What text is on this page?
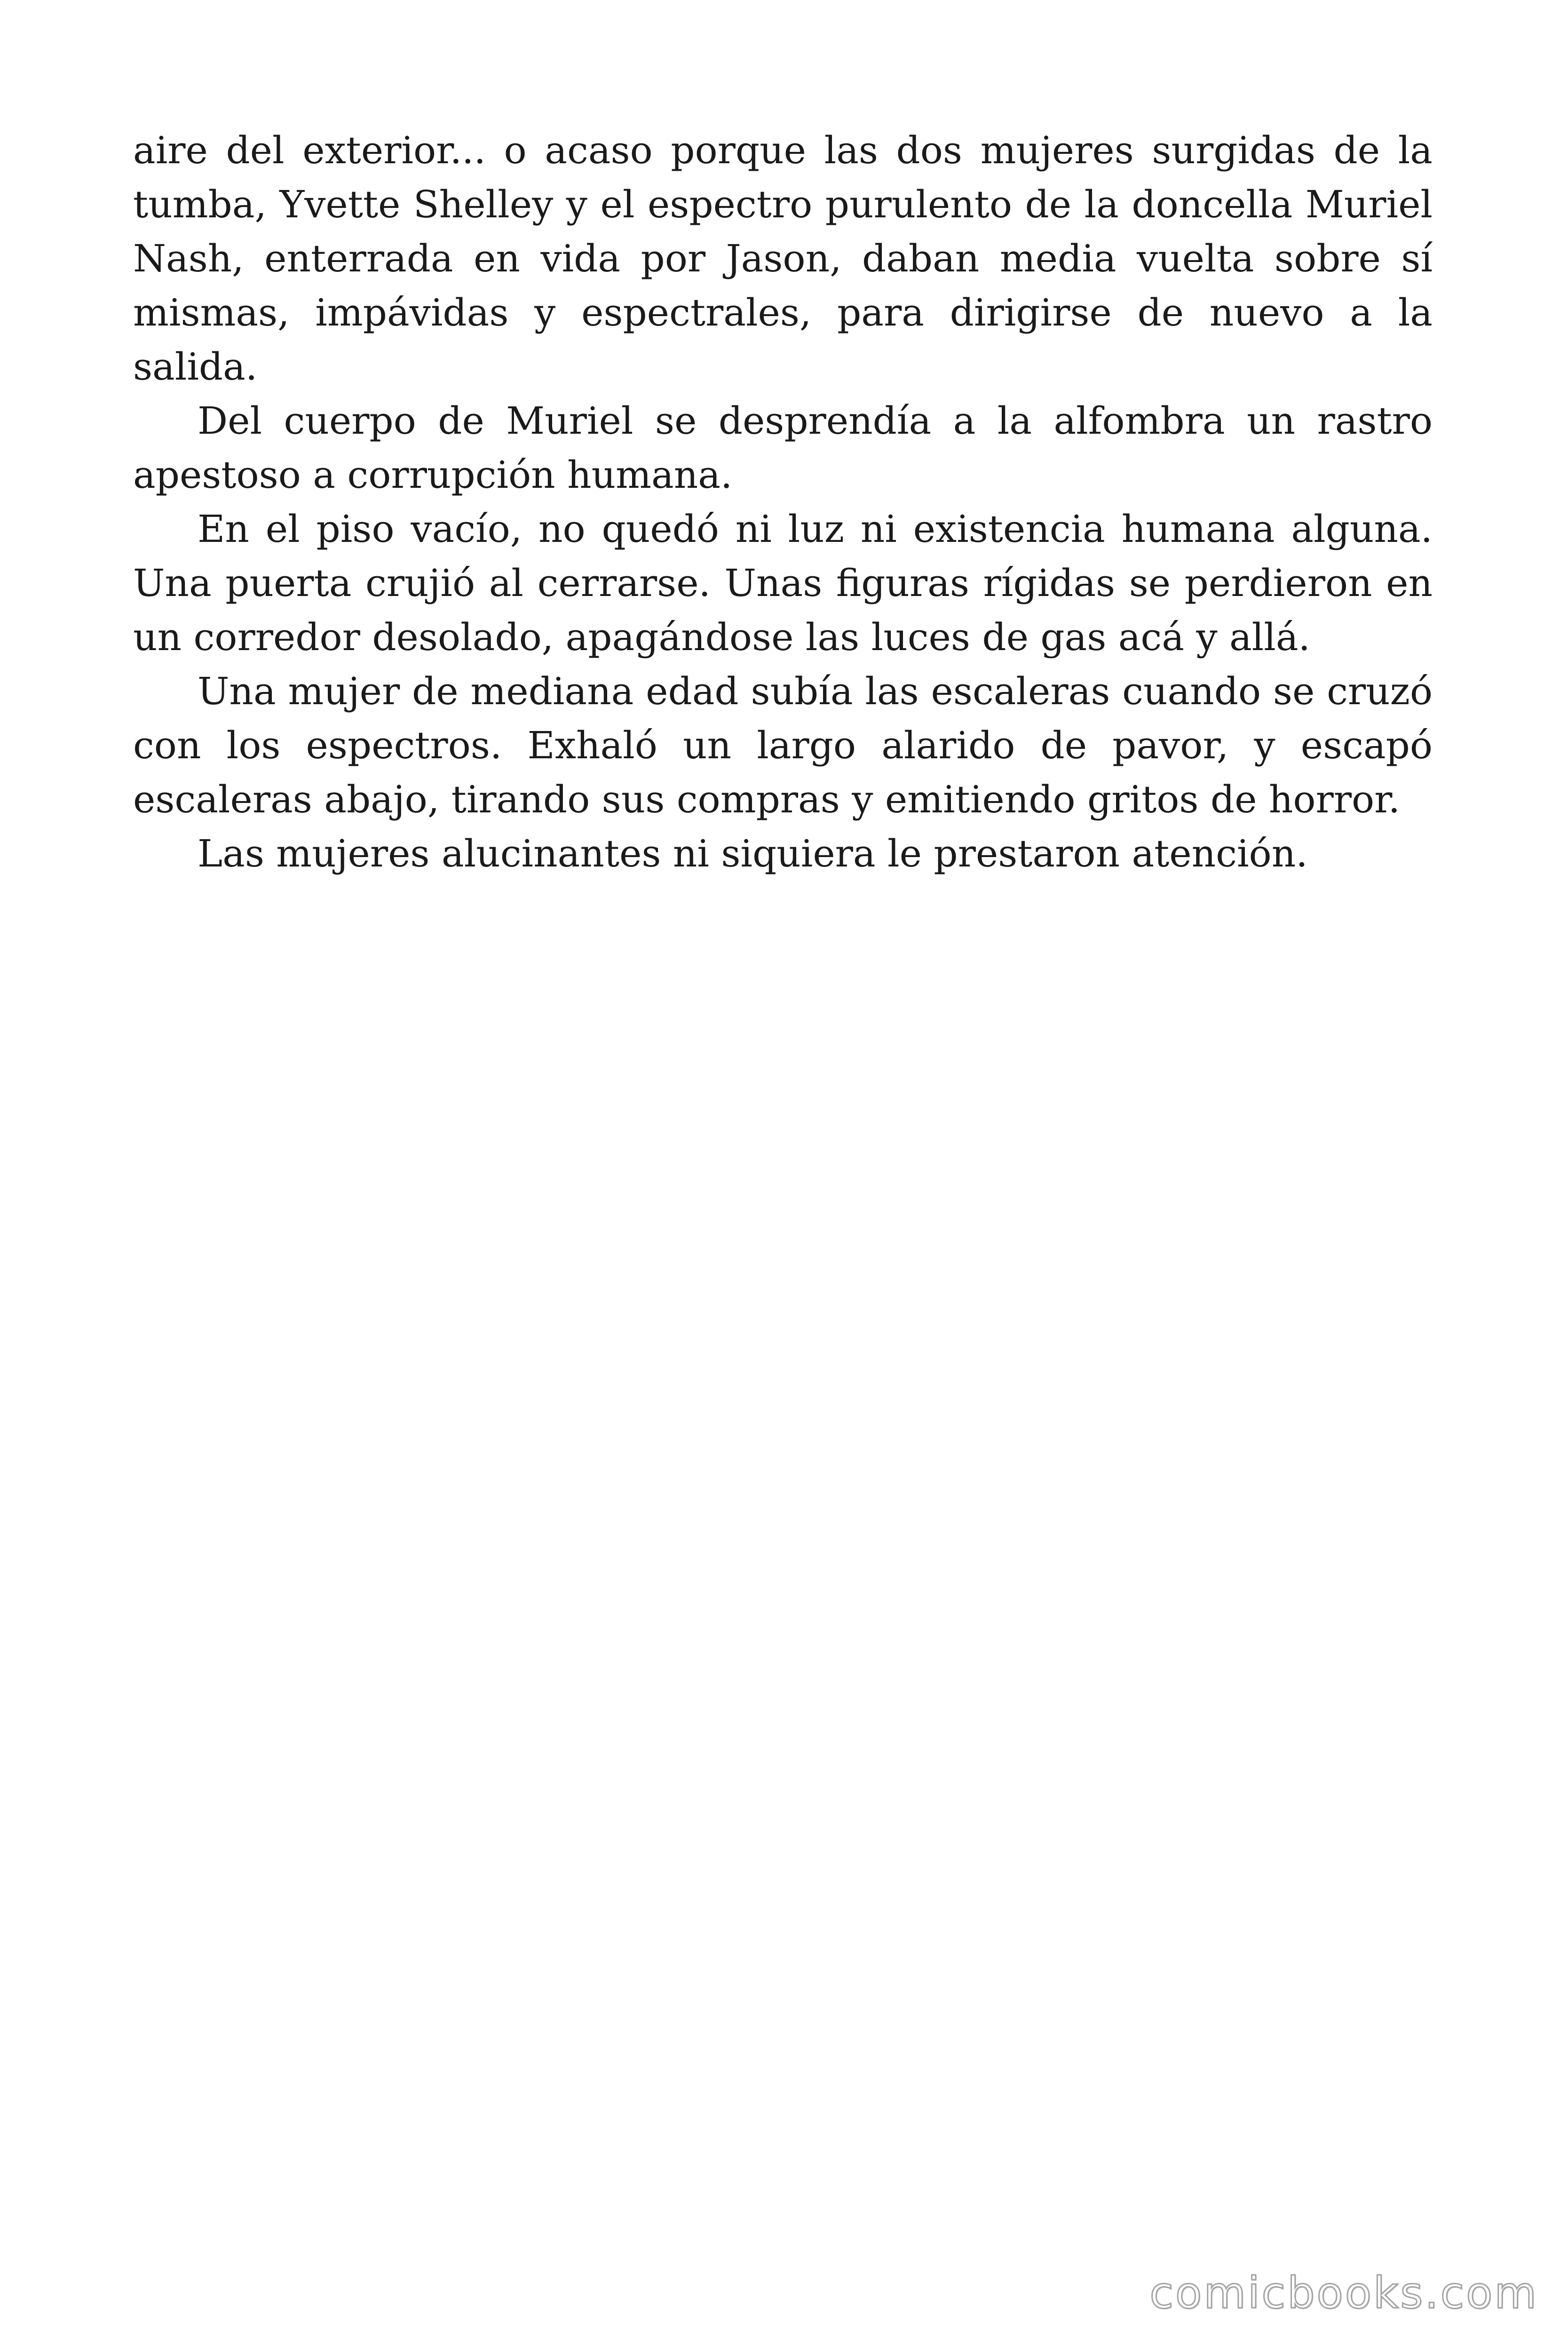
aire del exterior... o acaso porque las dos mujeres surgidas de la tumba, Yvette Shelley y el espectro purulento de la doncella Muriel Nash, enterrada en vida por Jason, daban media vuelta sobre sí mismas, impávidas y espectrales, para dirigirse de nuevo a la salida.

Del cuerpo de Muriel se desprendía a la alfombra un rastro apestoso a corrupción humana.

En el piso vacío, no quedó ni luz ni existencia humana alguna. Una puerta crujió al cerrarse. Unas figuras rígidas se perdieron en un corredor desolado, apagándose las luces de gas acá y allá.

Una mujer de mediana edad subía las escaleras cuando se cruzó con los espectros. Exhaló un largo alarido de pavor, y escapó escaleras abajo, tirando sus compras y emitiendo gritos de horror.

Las mujeres alucinantes ni siquiera le prestaron atención.

comicbooks.com
